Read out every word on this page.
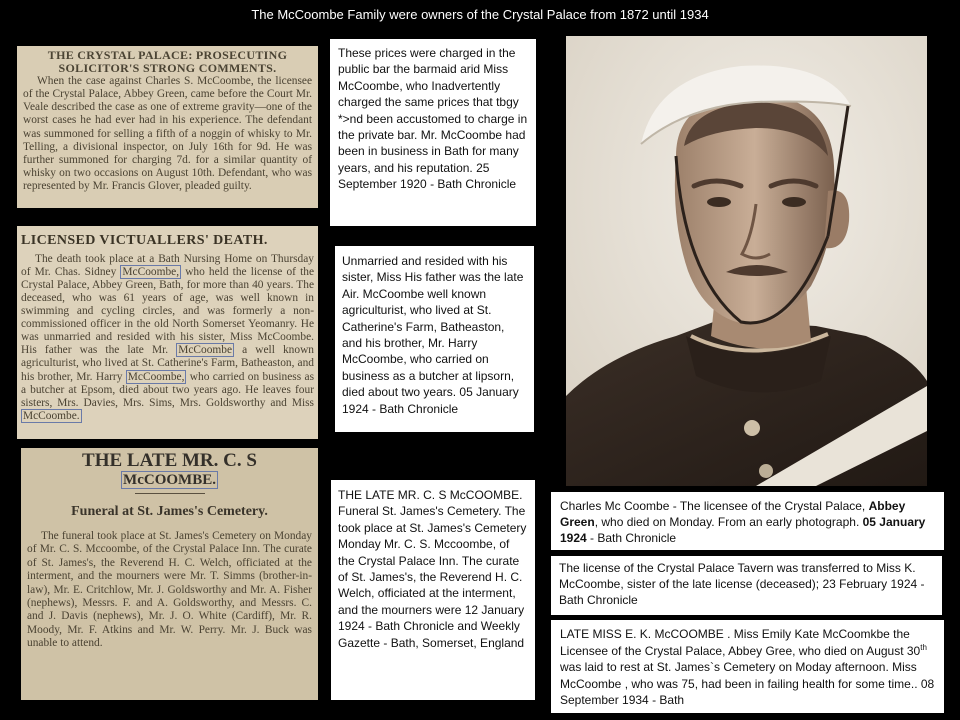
The McCoombe Family were owners of the Crystal Palace from 1872 until 1934
THE CRYSTAL PALACE: PROSECUTING
SOLICITOR'S STRONG COMMENTS.
When the case against Charles S. McCoombe, the licensee of the Crystal Palace, Abbey Green, came before the Court Mr. Veale described the case as one of extreme gravity—one of the worst cases he had ever had in his experience. The defendant was summoned for selling a fifth of a noggin of whisky to Mr. Telling, a divisional inspector, on July 16th for 9d. He was further summoned for charging 7d. for a similar quantity of whisky on two occasions on August 10th. Defendant, who was represented by Mr. Francis Glover, pleaded guilty.
LICENSED VICTUALLERS' DEATH.
The death took place at a Bath Nursing Home on Thursday of Mr. Chas. Sidney McCoombe, who held the license of the Crystal Palace, Abbey Green, Bath, for more than 40 years. The deceased, who was 61 years of age, was well known in swimming and cycling circles, and was formerly a non-commissioned officer in the old North Somerset Yeomanry. He was unmarried and resided with his sister, Miss McCoombe. His father was the late Mr. McCoombe a well known agriculturist, who lived at St. Catherine's Farm, Batheaston, and his brother, Mr. Harry McCoombe, who carried on business as a butcher at Epsom, died about two years ago. He leaves four sisters, Mrs. Davies, Mrs. Sims, Mrs. Goldsworthy and Miss McCoombe.
THE LATE MR. C. S
McCOOMBE.
Funeral at St. James's Cemetery.
The funeral took place at St. James's Cemetery on Monday of Mr. C. S. Mccoombe, of the Crystal Palace Inn. The curate of St. James's, the Reverend H. C. Welch, officiated at the interment, and the mourners were Mr. T. Simms (brother-in-law), Mr. E. Critchlow, Mr. J. Goldsworthy and Mr. A. Fisher (nephews), Messrs. F. and A. Goldsworthy, and Messrs. C. and J. Davis (nephews), Mr. J. O. White (Cardiff), Mr. R. Moody, Mr. F. Atkins and Mr. W. Perry. Mr. J. Buck was unable to attend.
These prices were charged in the public bar the barmaid arid Miss McCoombe, who Inadvertently charged the same prices that tbgy *>nd been accustomed to charge in the private bar. Mr. McCoombe had been in business in Bath for many years, and his reputation. 25 September 1920 - Bath Chronicle
Unmarried and resided with his sister, Miss His father was the late Air. McCoombe well known agriculturist, who lived at St. Catherine's Farm, Batheaston, and his brother, Mr. Harry McCoombe, who carried on business as a butcher at lipsorn, died about two years. 05 January 1924 - Bath Chronicle
THE LATE MR. C. S McCOOMBE. Funeral St. James's Cemetery. The took place at St. James's Cemetery Monday Mr. C. S. Mccoombe, of the Crystal Palace Inn. The curate of St. James's, the Reverend H. C. Welch, officiated at the interment, and the mourners were 12 January 1924 - Bath Chronicle and Weekly Gazette - Bath, Somerset, England
Charles Mc Coombe - The licensee of the Crystal Palace, Abbey Green, who died on Monday. From an early photograph. 05 January 1924 - Bath Chronicle
The license of the Crystal Palace Tavern was transferred to Miss K. McCoombe, sister of the late license (deceased); 23 February 1924 - Bath Chronicle
LATE MISS E. K. McCOOMBE . Miss Emily Kate McCoomkbe the Licensee of the Crystal Palace, Abbey Gree, who died on August 30th was laid to rest at St. James`s Cemetery on Moday afternoon. Miss McCoombe , who was 75, had been in failing health for some time.. 08 September 1934 - Bath
